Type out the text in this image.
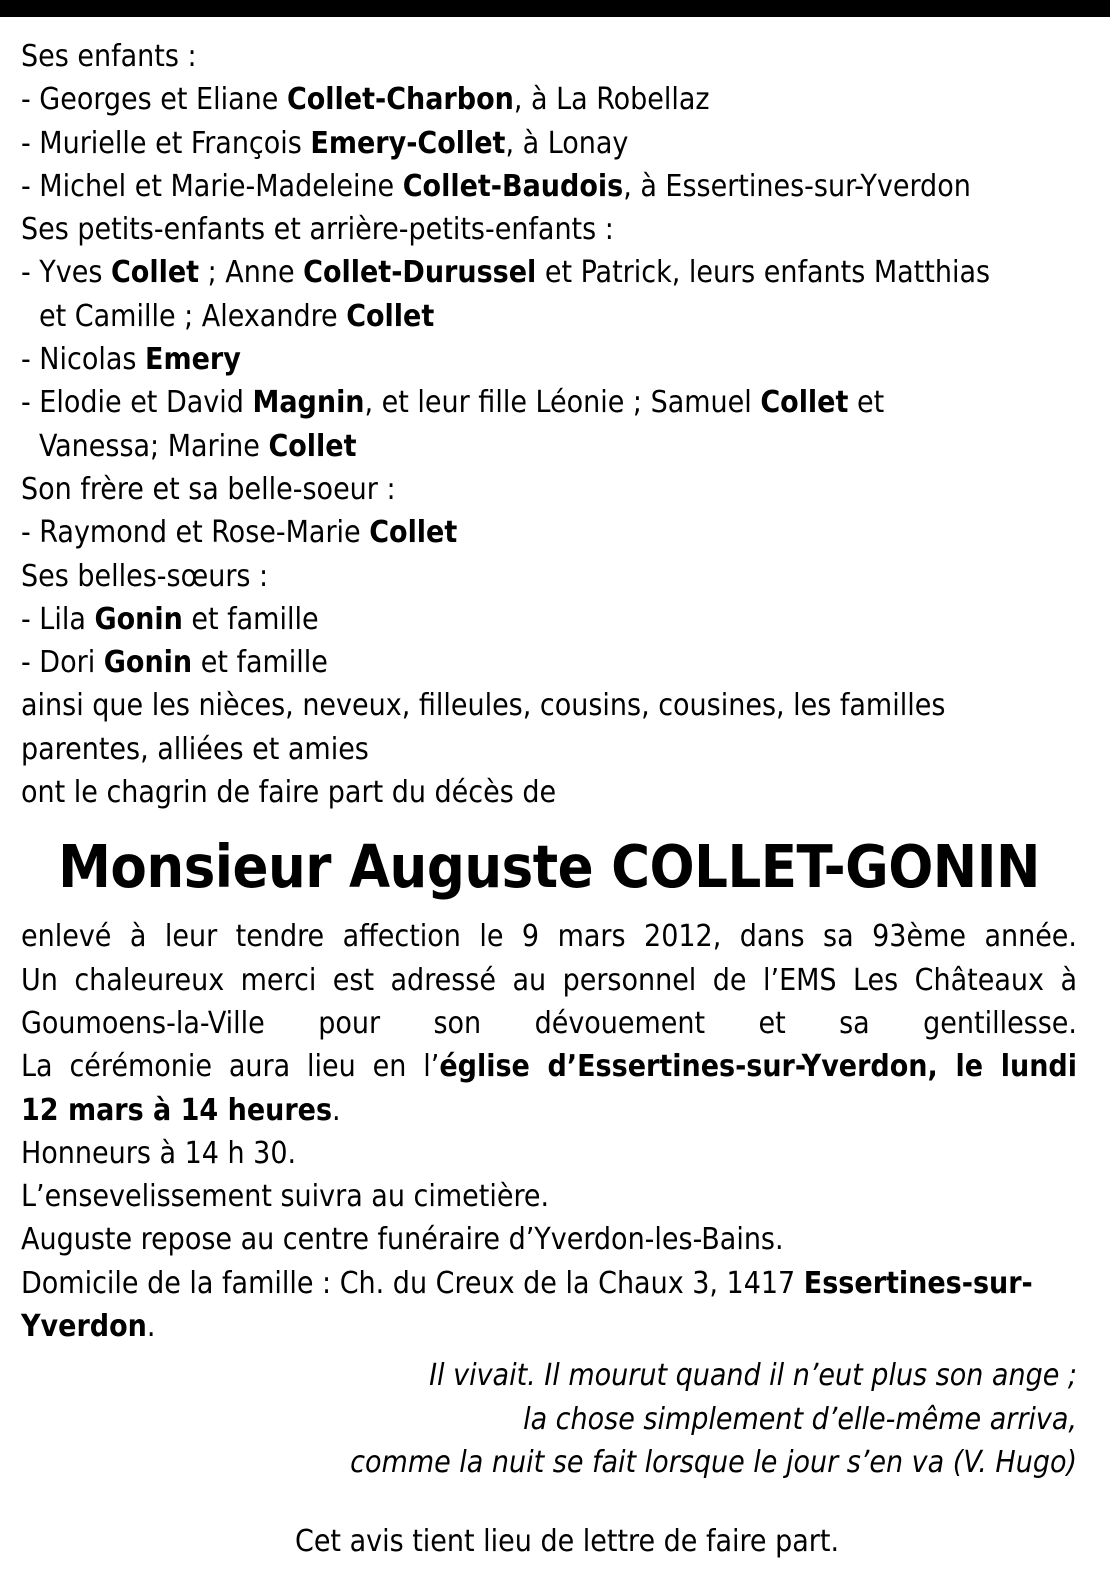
Ses enfants :
- Georges et Eliane Collet-Charbon, à La Robellaz
- Murielle et François Emery-Collet, à Lonay
- Michel et Marie-Madeleine Collet-Baudois, à Essertines-sur-Yverdon
Ses petits-enfants et arrière-petits-enfants :
- Yves Collet ; Anne Collet-Durussel et Patrick, leurs enfants Matthias
et Camille ; Alexandre Collet
- Nicolas Emery
- Elodie et David Magnin, et leur fille Léonie ; Samuel Collet et
Vanessa; Marine Collet
Son frère et sa belle-soeur :
- Raymond et Rose-Marie Collet
Ses belles-sœurs :
- Lila Gonin et famille
- Dori Gonin et famille
ainsi que les nièces, neveux, filleules, cousins, cousines, les familles
parentes, alliées et amies
ont le chagrin de faire part du décès de
Monsieur Auguste COLLET-GONIN
enlevé à leur tendre affection le 9 mars 2012, dans sa 93ème année.
Un chaleureux merci est adressé au personnel de l’EMS Les Châteaux à
Goumoens-la-Ville pour son dévouement et sa gentillesse.
La cérémonie aura lieu en l’église d’Essertines-sur-Yverdon, le lundi
12 mars à 14 heures.
Honneurs à 14 h 30.
L’ensevelissement suivra au cimetière.
Auguste repose au centre funéraire d’Yverdon-les-Bains.
Domicile de la famille : Ch. du Creux de la Chaux 3, 1417 Essertines-sur-
Yverdon.
Il vivait. Il mourut quand il n’eut plus son ange ;
la chose simplement d’elle-même arriva,
comme la nuit se fait lorsque le jour s’en va (V. Hugo)
Cet avis tient lieu de lettre de faire part.
